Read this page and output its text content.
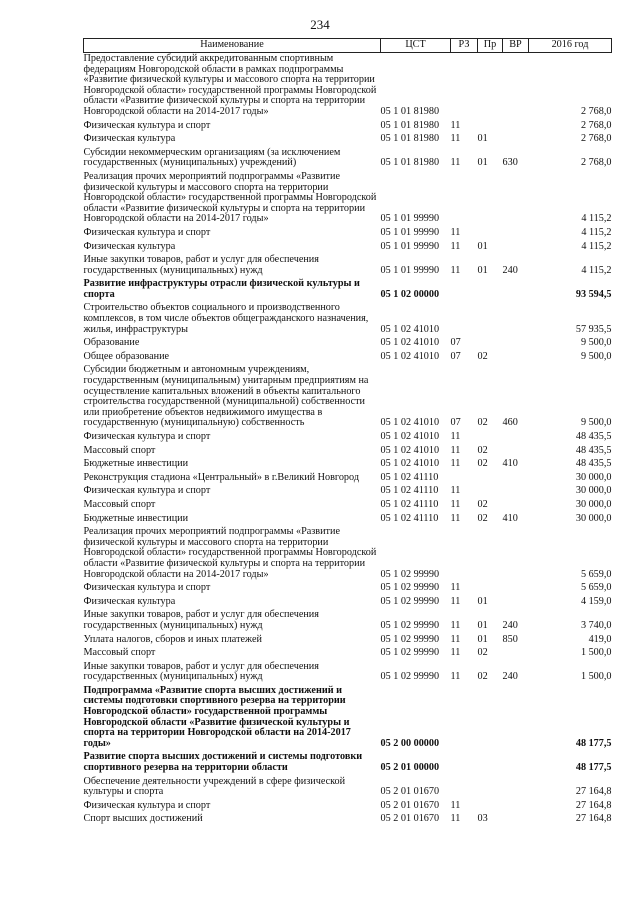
234
Наименование	ЦСТ	РЗ	Пр	ВР	2016 год
Предоставление субсидий аккредитованным спортивным федерациям Новгородской области в рамках подпрограммы «Развитие физической культуры и массового спорта на территории Новгородской области» государственной программы Новгородской области «Развитие физической культуры и спорта на территории Новгородской области на 2014-2017 годы»	05 1 01 81980				2 768,0
Физическая культура и спорт	05 1 01 81980	11			2 768,0
Физическая культура	05 1 01 81980	11	01		2 768,0
Субсидии некоммерческим организациям (за исключением государственных (муниципальных) учреждений)	05 1 01 81980	11	01	630	2 768,0
Реализация прочих мероприятий подпрограммы «Развитие физической культуры и массового спорта на территории Новгородской области» государственной программы Новгородской области «Развитие физической культуры и спорта на территории Новгородской области на 2014-2017 годы»	05 1 01 99990				4 115,2
Физическая культура и спорт	05 1 01 99990	11			4 115,2
Физическая культура	05 1 01 99990	11	01		4 115,2
Иные закупки товаров, работ и услуг для обеспечения государственных (муниципальных) нужд	05 1 01 99990	11	01	240	4 115,2
Развитие инфраструктуры отрасли физической культуры и спорта	05 1 02 00000				93 594,5
Строительство объектов социального и производственного комплексов, в том числе объектов общегражданского назначения, жилья, инфраструктуры	05 1 02 41010				57 935,5
Образование	05 1 02 41010	07			9 500,0
Общее образование	05 1 02 41010	07	02		9 500,0
Субсидии бюджетным и автономным учреждениям, государственным (муниципальным) унитарным предприятиям на осуществление капитальных вложений в объекты капитального строительства государственной (муниципальной) собственности или приобретение объектов недвижимого имущества в государственную (муниципальную) собственность	05 1 02 41010	07	02	460	9 500,0
Физическая культура и спорт	05 1 02 41010	11			48 435,5
Массовый спорт	05 1 02 41010	11	02		48 435,5
Бюджетные инвестиции	05 1 02 41010	11	02	410	48 435,5
Реконструкция стадиона «Центральный» в г.Великий Новгород	05 1 02 41110				30 000,0
Физическая культура и спорт	05 1 02 41110	11			30 000,0
Массовый спорт	05 1 02 41110	11	02		30 000,0
Бюджетные инвестиции	05 1 02 41110	11	02	410	30 000,0
Реализация прочих мероприятий подпрограммы «Развитие физической культуры и массового спорта на территории Новгородской области» государственной программы Новгородской области «Развитие физической культуры и спорта на территории Новгородской области на 2014-2017 годы»	05 1 02 99990				5 659,0
Физическая культура и спорт	05 1 02 99990	11			5 659,0
Физическая культура	05 1 02 99990	11	01		4 159,0
Иные закупки товаров, работ и услуг для обеспечения государственных (муниципальных) нужд	05 1 02 99990	11	01	240	3 740,0
Уплата налогов, сборов и иных платежей	05 1 02 99990	11	01	850	419,0
Массовый спорт	05 1 02 99990	11	02		1 500,0
Иные закупки товаров, работ и услуг для обеспечения государственных (муниципальных) нужд	05 1 02 99990	11	02	240	1 500,0
Подпрограмма «Развитие спорта высших достижений и системы подготовки спортивного резерва на территории Новгородской области» государственной программы Новгородской области «Развитие физической культуры и спорта на территории Новгородской области на 2014-2017 годы»	05 2 00 00000				48 177,5
Развитие спорта высших достижений и системы подготовки спортивного резерва на территории области	05 2 01 00000				48 177,5
Обеспечение деятельности учреждений в сфере физической культуры и спорта	05 2 01 01670				27 164,8
Физическая культура и спорт	05 2 01 01670	11			27 164,8
Спорт высших достижений	05 2 01 01670	11	03		27 164,8
